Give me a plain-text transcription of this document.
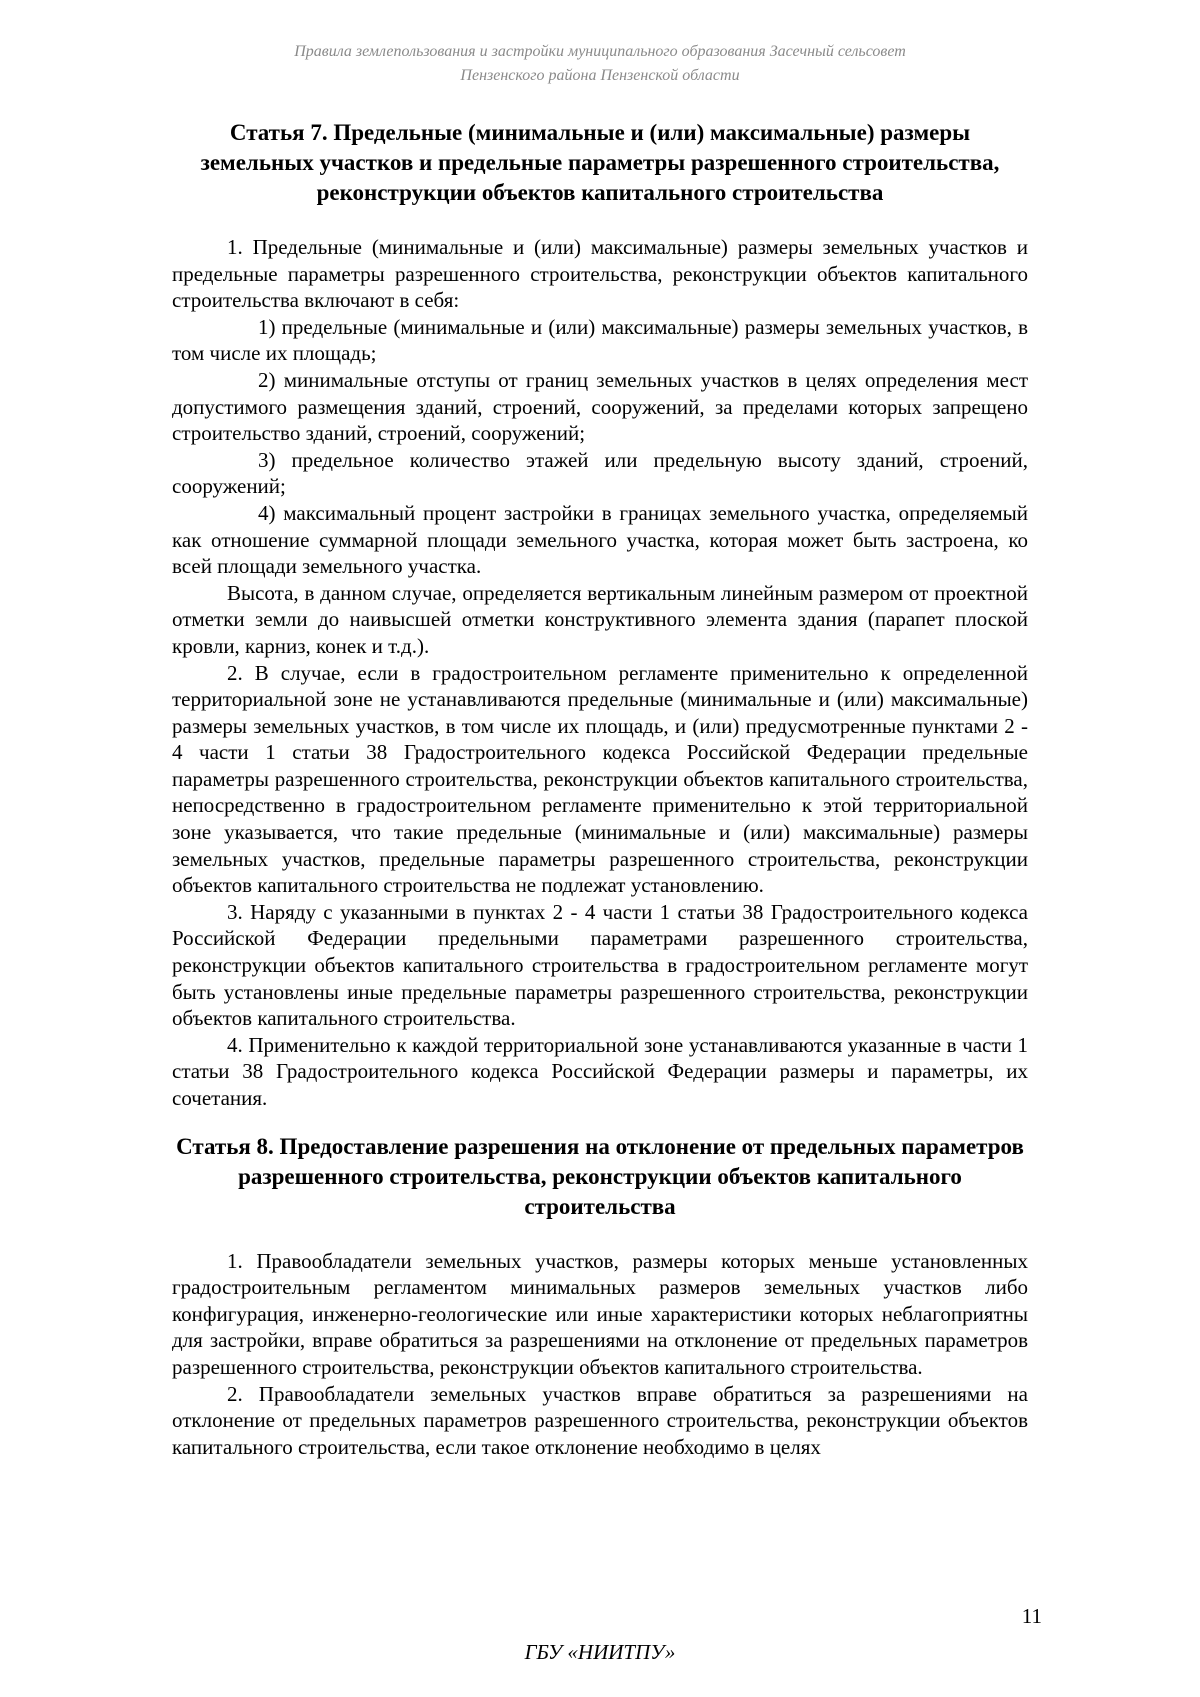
Правила землепользования и застройки муниципального образования Засечный сельсовет
Пензенского района Пензенской области
Статья 7. Предельные (минимальные и (или) максимальные) размеры земельных участков и предельные параметры разрешенного строительства, реконструкции объектов капитального строительства

1. Предельные (минимальные и (или) максимальные) размеры земельных участков и предельные параметры разрешенного строительства, реконструкции объектов капитального строительства включают в себя:

1) предельные (минимальные и (или) максимальные) размеры земельных участков, в том числе их площадь;

2) минимальные отступы от границ земельных участков в целях определения мест допустимого размещения зданий, строений, сооружений, за пределами которых запрещено строительство зданий, строений, сооружений;

3) предельное количество этажей или предельную высоту зданий, строений, сооружений;

4) максимальный процент застройки в границах земельного участка, определяемый как отношение суммарной площади земельного участка, которая может быть застроена, ко всей площади земельного участка.

Высота, в данном случае, определяется вертикальным линейным размером от проектной отметки земли до наивысшей отметки конструктивного элемента здания (парапет плоской кровли, карниз, конек и т.д.).

2. В случае, если в градостроительном регламенте применительно к определенной территориальной зоне не устанавливаются предельные (минимальные и (или) максимальные) размеры земельных участков, в том числе их площадь, и (или) предусмотренные пунктами 2 - 4 части 1 статьи 38 Градостроительного кодекса Российской Федерации предельные параметры разрешенного строительства, реконструкции объектов капитального строительства, непосредственно в градостроительном регламенте применительно к этой территориальной зоне указывается, что такие предельные (минимальные и (или) максимальные) размеры земельных участков, предельные параметры разрешенного строительства, реконструкции объектов капитального строительства не подлежат установлению.

3. Наряду с указанными в пунктах 2 - 4 части 1 статьи 38 Градостроительного кодекса Российской Федерации предельными параметрами разрешенного строительства, реконструкции объектов капитального строительства в градостроительном регламенте могут быть установлены иные предельные параметры разрешенного строительства, реконструкции объектов капитального строительства.

4. Применительно к каждой территориальной зоне устанавливаются указанные в части 1 статьи 38 Градостроительного кодекса Российской Федерации размеры и параметры, их сочетания.

Статья 8. Предоставление разрешения на отклонение от предельных параметров разрешенного строительства, реконструкции объектов капитального строительства

1. Правообладатели земельных участков, размеры которых меньше установленных градостроительным регламентом минимальных размеров земельных участков либо конфигурация, инженерно-геологические или иные характеристики которых неблагоприятны для застройки, вправе обратиться за разрешениями на отклонение от предельных параметров разрешенного строительства, реконструкции объектов капитального строительства.

2. Правообладатели земельных участков вправе обратиться за разрешениями на отклонение от предельных параметров разрешенного строительства, реконструкции объектов капитального строительства, если такое отклонение необходимо в целях

11
ГБУ «НИИТПУ»
